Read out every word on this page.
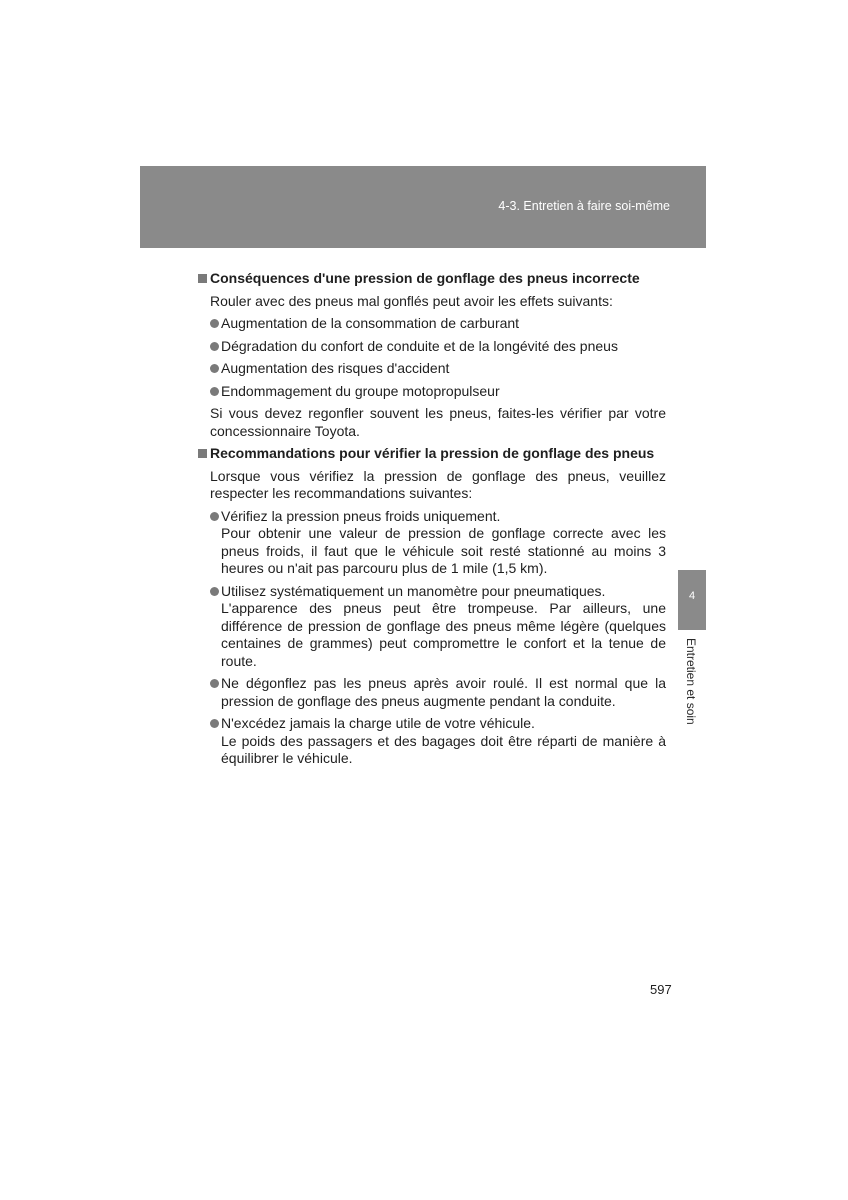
4-3. Entretien à faire soi-même
4
Entretien et soin
Conséquences d'une pression de gonflage des pneus incorrecte

Rouler avec des pneus mal gonflés peut avoir les effets suivants:

Augmentation de la consommation de carburant
Dégradation du confort de conduite et de la longévité des pneus
Augmentation des risques d'accident
Endommagement du groupe motopropulseur

Si vous devez regonfler souvent les pneus, faites-les vérifier par votre concessionnaire Toyota.

Recommandations pour vérifier la pression de gonflage des pneus

Lorsque vous vérifiez la pression de gonflage des pneus, veuillez respecter les recommandations suivantes:

Vérifiez la pression pneus froids uniquement.
Pour obtenir une valeur de pression de gonflage correcte avec les pneus froids, il faut que le véhicule soit resté stationné au moins 3 heures ou n'ait pas parcouru plus de 1 mile (1,5 km).
Utilisez systématiquement un manomètre pour pneumatiques.
L'apparence des pneus peut être trompeuse. Par ailleurs, une différence de pression de gonflage des pneus même légère (quelques centaines de grammes) peut compromettre le confort et la tenue de route.
Ne dégonflez pas les pneus après avoir roulé. Il est normal que la pression de gonflage des pneus augmente pendant la conduite.
N'excédez jamais la charge utile de votre véhicule.
Le poids des passagers et des bagages doit être réparti de manière à équilibrer le véhicule.
597
